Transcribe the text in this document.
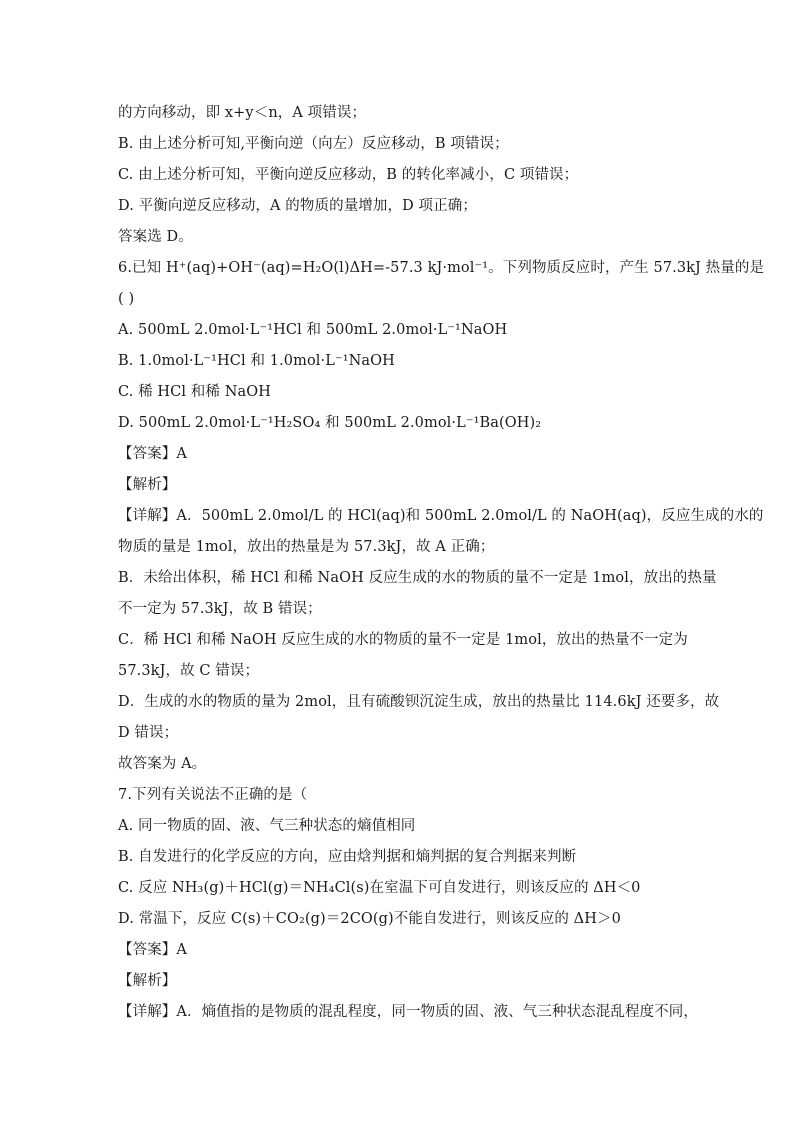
的方向移动，即 x+y＜n，A 项错误；
B. 由上述分析可知,平衡向逆（向左）反应移动，B 项错误；
C. 由上述分析可知，平衡向逆反应移动，B 的转化率减小，C 项错误；
D. 平衡向逆反应移动，A 的物质的量增加，D 项正确；
答案选 D。
6.已知 H⁺(aq)+OH⁻(aq)=H₂O(l)ΔH=-57.3 kJ·mol⁻¹。下列物质反应时，产生 57.3kJ 热量的是
( )
A. 500mL 2.0mol·L⁻¹HCl 和 500mL 2.0mol·L⁻¹NaOH
B. 1.0mol·L⁻¹HCl 和 1.0mol·L⁻¹NaOH
C. 稀 HCl 和稀 NaOH
D. 500mL 2.0mol·L⁻¹H₂SO₄ 和 500mL 2.0mol·L⁻¹Ba(OH)₂
【答案】A
【解析】
【详解】A．500mL 2.0mol/L 的 HCl(aq)和 500mL 2.0mol/L 的 NaOH(aq)，反应生成的水的
物质的量是 1mol，放出的热量是为 57.3kJ，故 A 正确；
B．未给出体积，稀 HCl 和稀 NaOH 反应生成的水的物质的量不一定是 1mol，放出的热量
不一定为 57.3kJ，故 B 错误；
C．稀 HCl 和稀 NaOH 反应生成的水的物质的量不一定是 1mol，放出的热量不一定为
57.3kJ，故 C 错误；
D．生成的水的物质的量为 2mol，且有硫酸钡沉淀生成，放出的热量比 114.6kJ 还要多，故
D 错误；
故答案为 A。
7.下列有关说法不正确的是（
A. 同一物质的固、液、气三种状态的熵值相同
B. 自发进行的化学反应的方向，应由焓判据和熵判据的复合判据来判断
C. 反应 NH₃(g)＋HCl(g)＝NH₄Cl(s)在室温下可自发进行，则该反应的 ΔH＜0
D. 常温下，反应 C(s)＋CO₂(g)＝2CO(g)不能自发进行，则该反应的 ΔH＞0
【答案】A
【解析】
【详解】A．熵值指的是物质的混乱程度，同一物质的固、液、气三种状态混乱程度不同，
